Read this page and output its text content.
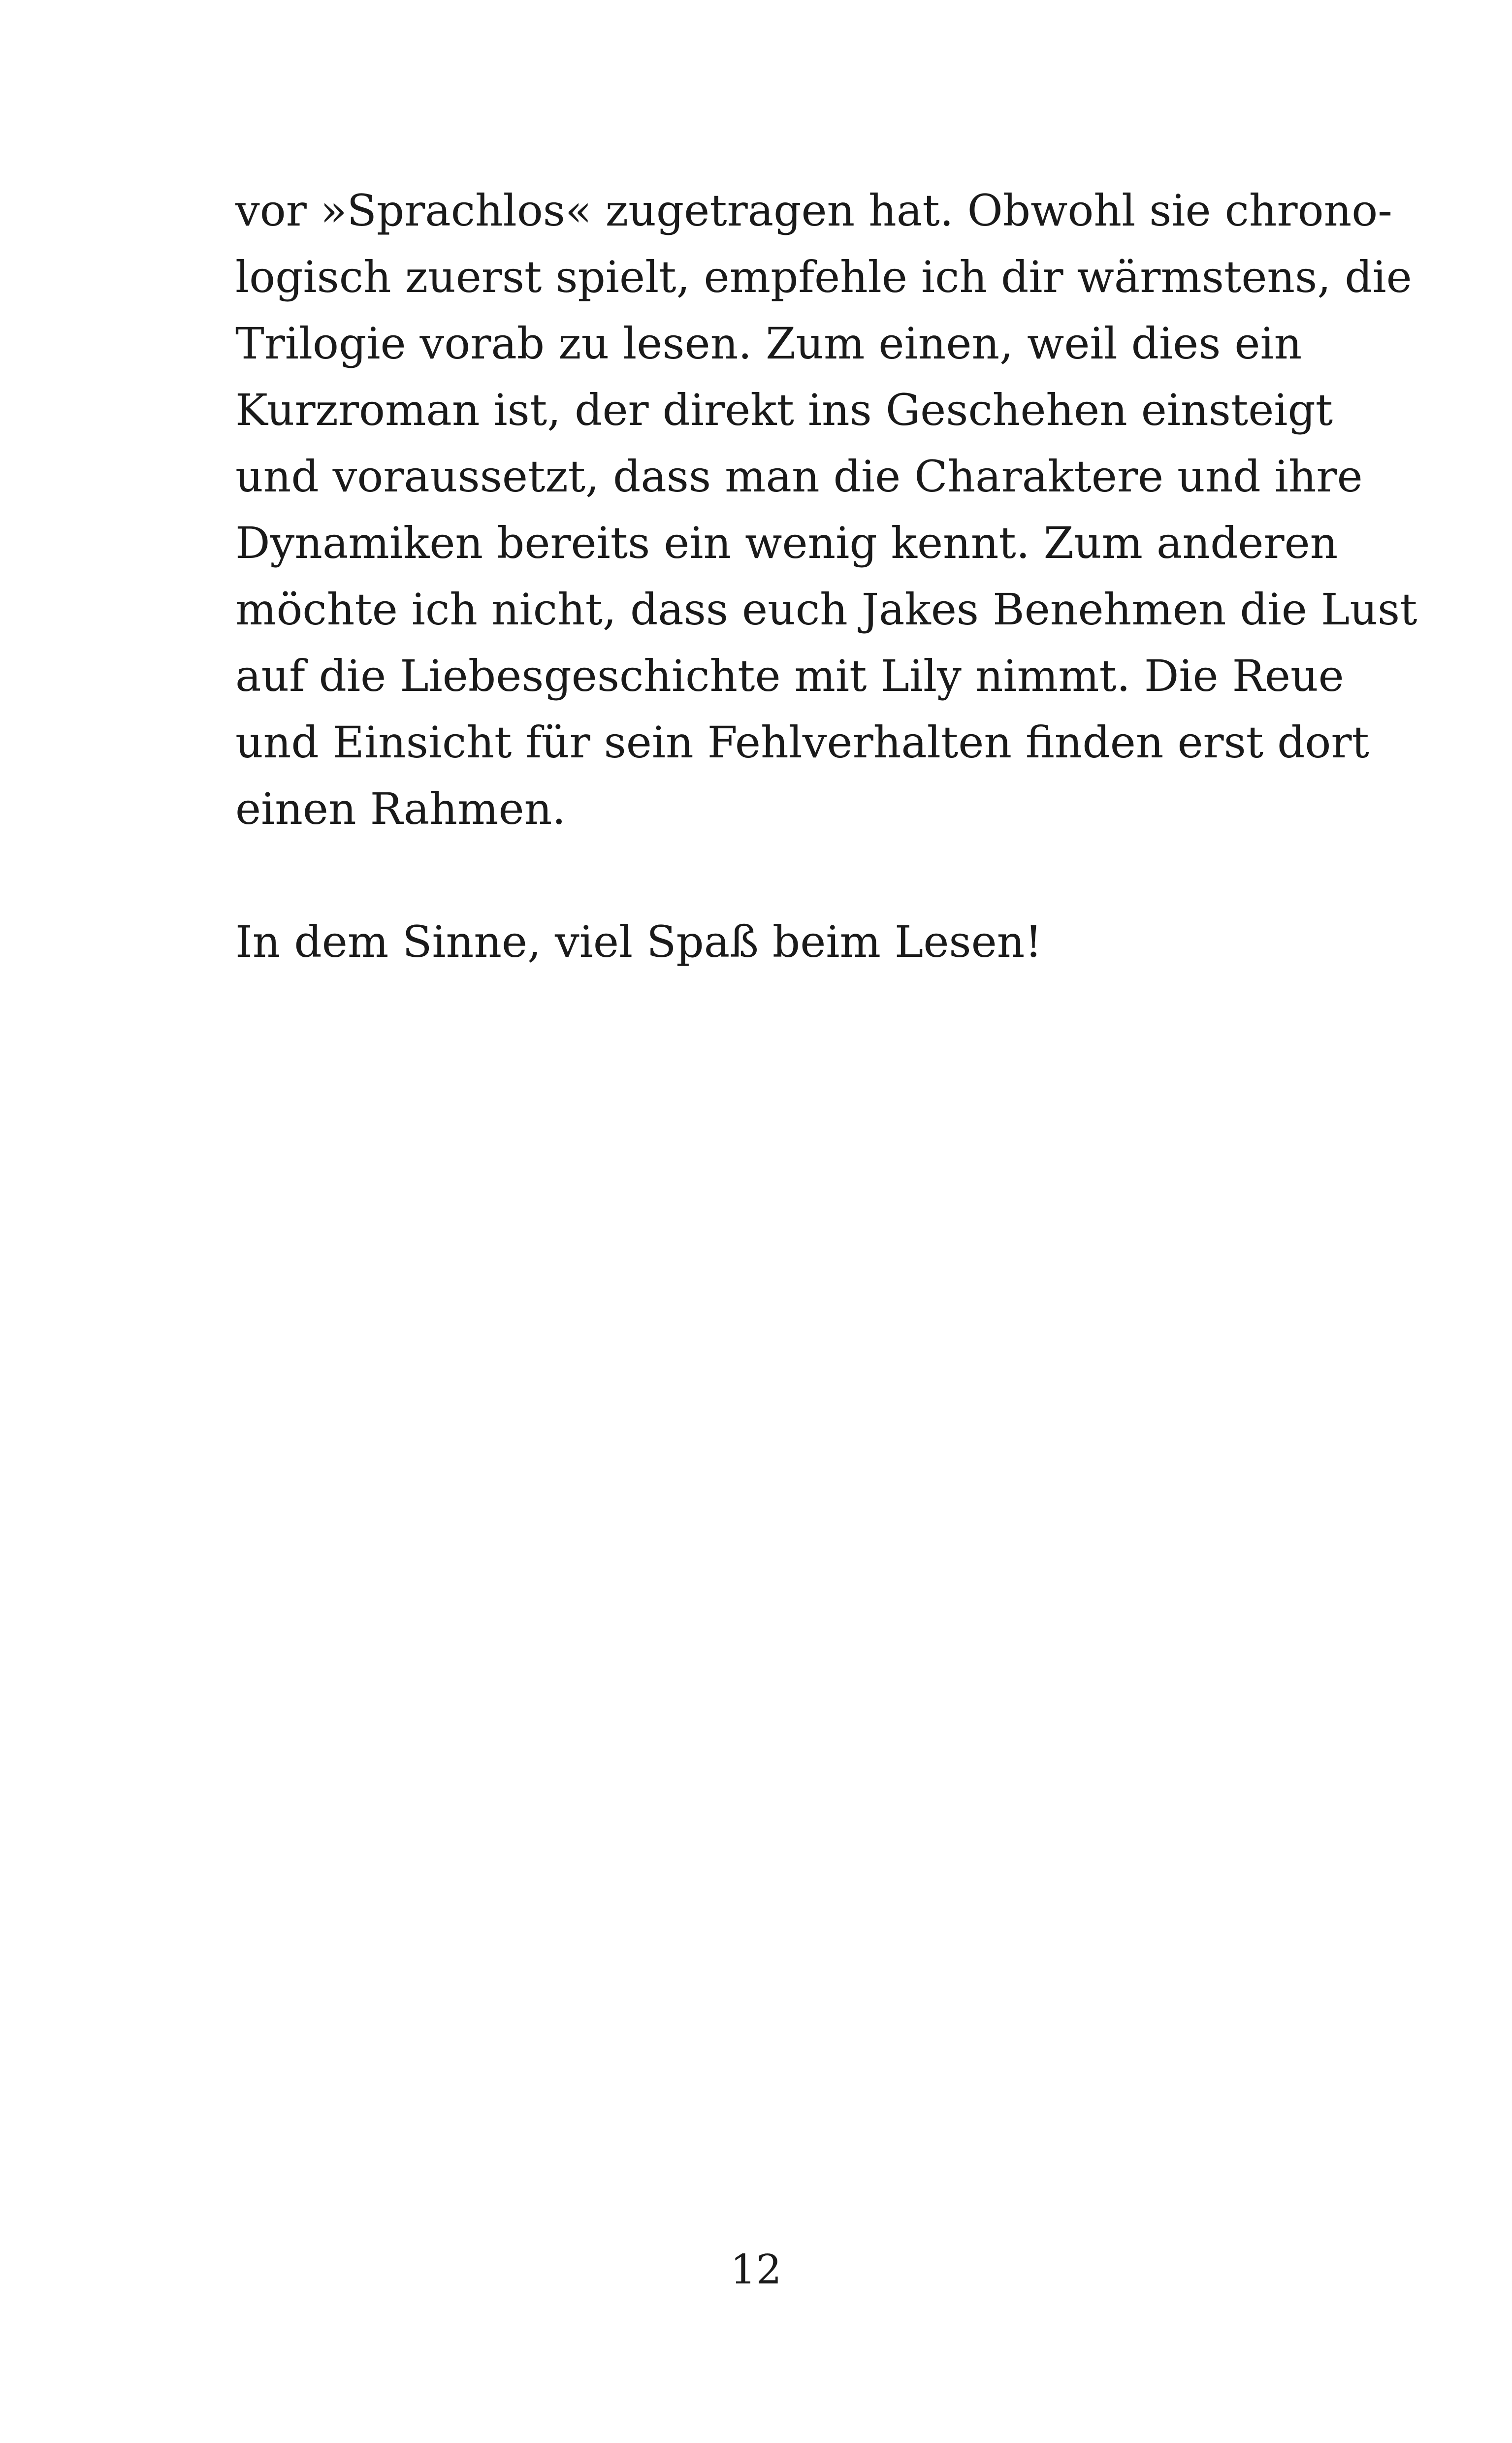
vor »Sprachlos« zugetragen hat. Obwohl sie chrono-
logisch zuerst spielt, empfehle ich dir wärmstens, die
Trilogie vorab zu lesen. Zum einen, weil dies ein
Kurzroman ist, der direkt ins Geschehen einsteigt
und voraussetzt, dass man die Charaktere und ihre
Dynamiken bereits ein wenig kennt. Zum anderen
möchte ich nicht, dass euch Jakes Benehmen die Lust
auf die Liebesgeschichte mit Lily nimmt. Die Reue
und Einsicht für sein Fehlverhalten finden erst dort
einen Rahmen.
In dem Sinne, viel Spaß beim Lesen!
12
